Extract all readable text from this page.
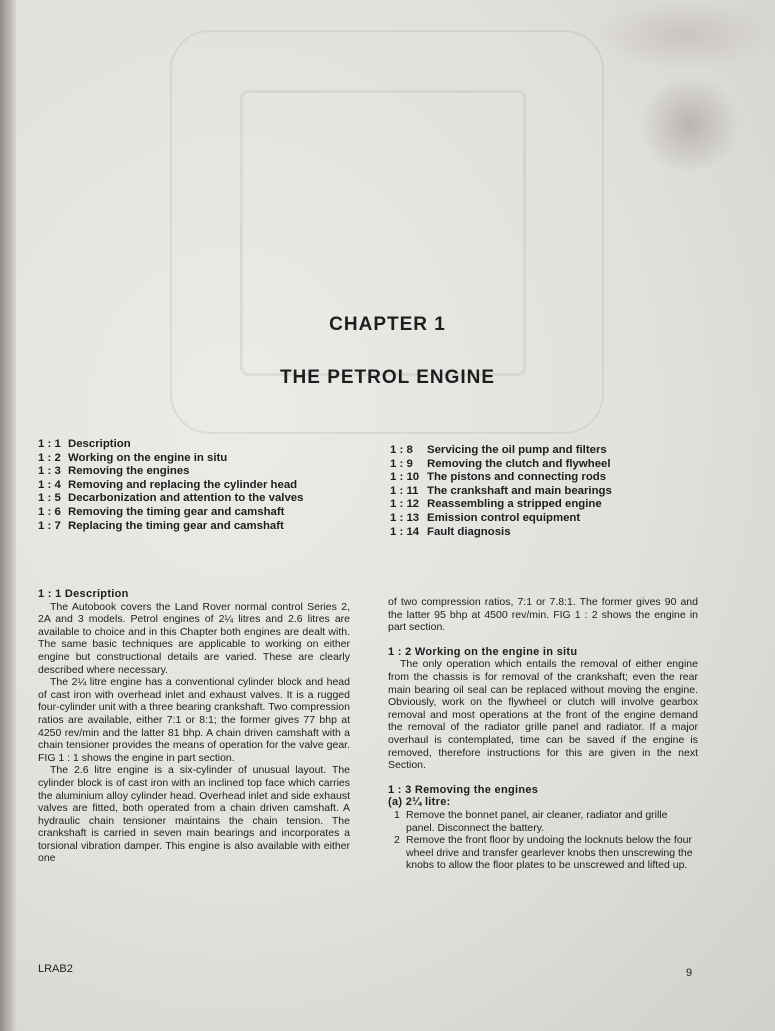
CHAPTER 1
THE PETROL ENGINE
1 : 1 Description
1 : 2 Working on the engine in situ
1 : 3 Removing the engines
1 : 4 Removing and replacing the cylinder head
1 : 5 Decarbonization and attention to the valves
1 : 6 Removing the timing gear and camshaft
1 : 7 Replacing the timing gear and camshaft
1 : 8 Servicing the oil pump and filters
1 : 9 Removing the clutch and flywheel
1 : 10 The pistons and connecting rods
1 : 11 The crankshaft and main bearings
1 : 12 Reassembling a stripped engine
1 : 13 Emission control equipment
1 : 14 Fault diagnosis

1 : 1 Description

The Autobook covers the Land Rover normal control Series 2, 2A and 3 models. Petrol engines of 2¼ litres and 2.6 litres are available to choice and in this Chapter both engines are dealt with. The same basic techniques are applicable to working on either engine but constructional details are varied. These are clearly described where necessary.

The 2¼ litre engine has a conventional cylinder block and head of cast iron with overhead inlet and exhaust valves. It is a rugged four-cylinder unit with a three bearing crankshaft. Two compression ratios are available, either 7:1 or 8:1; the former gives 77 bhp at 4250 rev/min and the latter 81 bhp. A chain driven camshaft with a chain tensioner provides the means of operation for the valve gear. FIG 1 : 1 shows the engine in part section.

The 2.6 litre engine is a six-cylinder of unusual layout. The cylinder block is of cast iron with an inclined top face which carries the aluminium alloy cylinder head. Overhead inlet and side exhaust valves are fitted, both operated from a chain driven camshaft. A hydraulic chain tensioner maintains the chain tension. The crankshaft is carried in seven main bearings and incorporates a torsional vibration damper. This engine is also available with either one

of two compression ratios, 7:1 or 7.8:1. The former gives 90 and the latter 95 bhp at 4500 rev/min. FIG 1 : 2 shows the engine in part section.

1 : 2 Working on the engine in situ

The only operation which entails the removal of either engine from the chassis is for removal of the crankshaft; even the rear main bearing oil seal can be replaced without moving the engine. Obviously, work on the flywheel or clutch will involve gearbox removal and most operations at the front of the engine demand the removal of the radiator grille panel and radiator. If a major overhaul is contemplated, time can be saved if the engine is removed, therefore instructions for this are given in the next Section.

1 : 3 Removing the engines

(a) 2¼ litre:

1 Remove the bonnet panel, air cleaner, radiator and grille panel. Disconnect the battery.
2 Remove the front floor by undoing the locknuts below the four wheel drive and transfer gearlever knobs then unscrewing the knobs to allow the floor plates to be unscrewed and lifted up.
LRAB2	9
